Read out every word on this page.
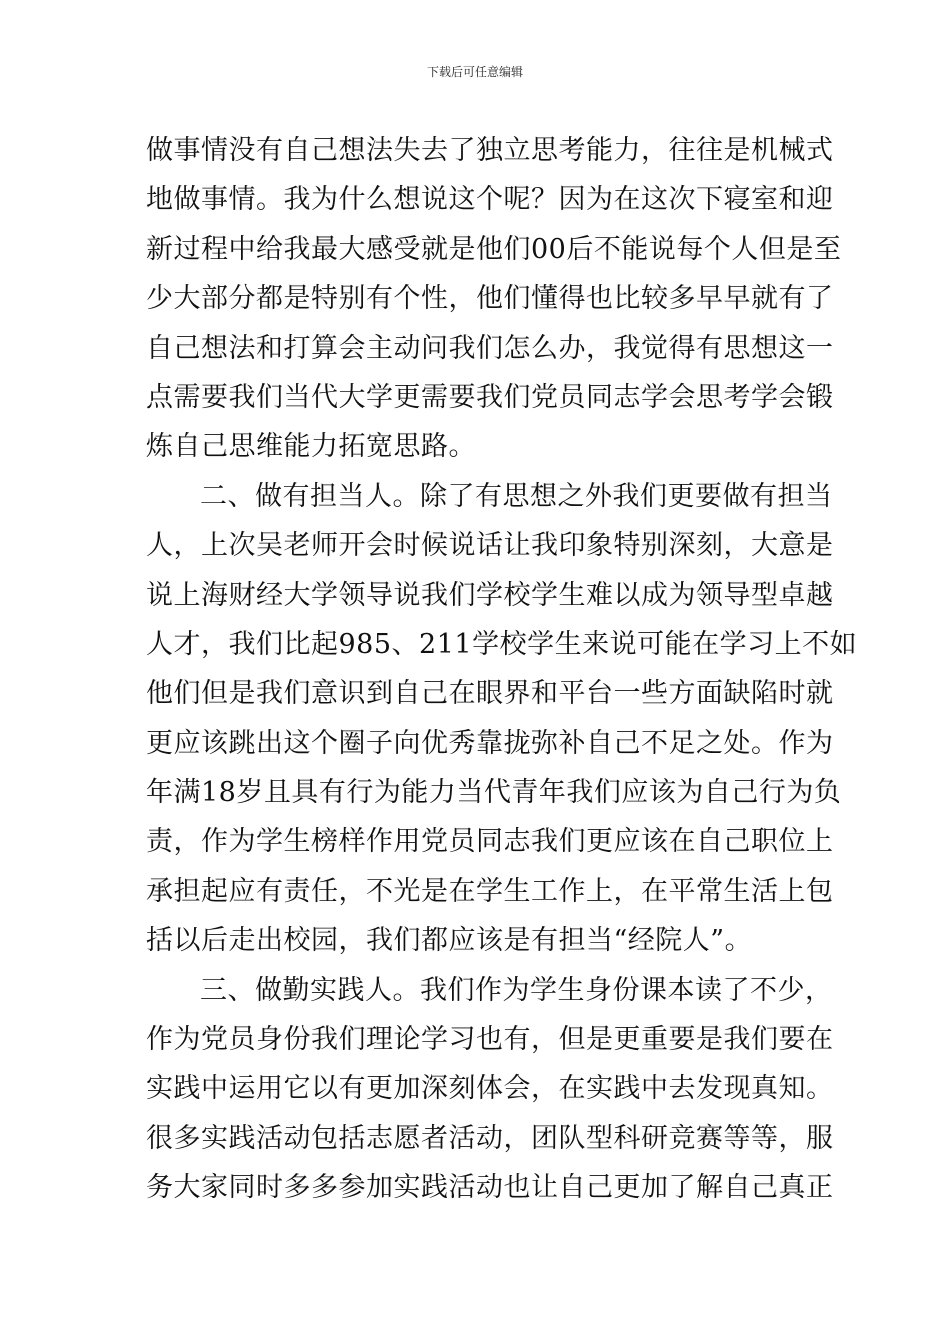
下载后可任意编辑
做事情没有自己想法失去了独立思考能力，往往是机械式
地做事情。我为什么想说这个呢？因为在这次下寝室和迎
新过程中给我最大感受就是他们00后不能说每个人但是至
少大部分都是特别有个性，他们懂得也比较多早早就有了
自己想法和打算会主动问我们怎么办，我觉得有思想这一
点需要我们当代大学更需要我们党员同志学会思考学会锻
炼自己思维能力拓宽思路。
二、做有担当人。除了有思想之外我们更要做有担当
人，上次吴老师开会时候说话让我印象特别深刻，大意是
说上海财经大学领导说我们学校学生难以成为领导型卓越
人才，我们比起985、211学校学生来说可能在学习上不如
他们但是我们意识到自己在眼界和平台一些方面缺陷时就
更应该跳出这个圈子向优秀靠拢弥补自己不足之处。作为
年满18岁且具有行为能力当代青年我们应该为自己行为负
责，作为学生榜样作用党员同志我们更应该在自己职位上
承担起应有责任，不光是在学生工作上，在平常生活上包
括以后走出校园，我们都应该是有担当“经院人”。
三、做勤实践人。我们作为学生身份课本读了不少，
作为党员身份我们理论学习也有，但是更重要是我们要在
实践中运用它以有更加深刻体会，在实践中去发现真知。
很多实践活动包括志愿者活动，团队型科研竞赛等等，服
务大家同时多多参加实践活动也让自己更加了解自己真正
